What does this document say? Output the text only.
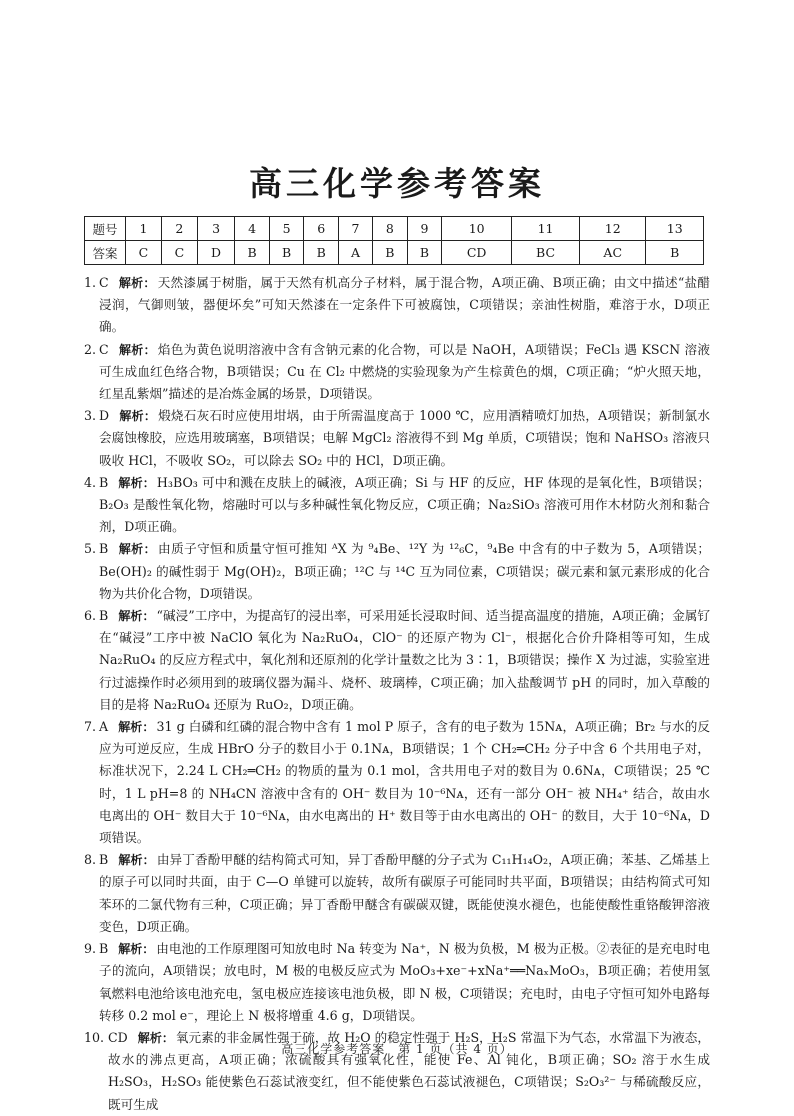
高三化学参考答案
题号	1	2	3	4	5	6	7	8	9	10	11	12	13
答案	C	C	D	B	B	B	A	B	B	CD	BC	AC	B
1. C 解析： 天然漆属于树脂，属于天然有机高分子材料，属于混合物，A项正确、B项正确；由文中描述“盐醋浸润，气御则皱，器便坏矣”可知天然漆在一定条件下可被腐蚀，C项错误；亲油性树脂，难溶于水，D项正确。
2. C 解析： 焰色为黄色说明溶液中含有含钠元素的化合物，可以是 NaOH，A项错误；FeCl₃ 遇 KSCN 溶液可生成血红色络合物，B项错误；Cu 在 Cl₂ 中燃烧的实验现象为产生棕黄色的烟，C项正确；“炉火照天地，红星乱紫烟”描述的是冶炼金属的场景，D项错误。
3. D 解析： 煅烧石灰石时应使用坩埚，由于所需温度高于 1000 ℃，应用酒精喷灯加热，A项错误；新制氯水会腐蚀橡胶，应选用玻璃塞，B项错误；电解 MgCl₂ 溶液得不到 Mg 单质，C项错误；饱和 NaHSO₃ 溶液只吸收 HCl，不吸收 SO₂，可以除去 SO₂ 中的 HCl，D项正确。
4. B 解析： H₃BO₃ 可中和溅在皮肤上的碱液，A项正确；Si 与 HF 的反应，HF 体现的是氧化性，B项错误；B₂O₃ 是酸性氧化物，熔融时可以与多种碱性氧化物反应，C项正确；Na₂SiO₃ 溶液可用作木材防火剂和黏合剂，D项正确。
5. B 解析： 由质子守恒和质量守恒可推知 ᴬX 为 ⁹₄Be、¹²Y 为 ¹²₆C，⁹₄Be 中含有的中子数为 5，A项错误；Be(OH)₂ 的碱性弱于 Mg(OH)₂，B项正确；¹²C 与 ¹⁴C 互为同位素，C项错误；碳元素和氯元素形成的化合物为共价化合物，D项错误。
6. B 解析： “碱浸”工序中，为提高钌的浸出率，可采用延长浸取时间、适当提高温度的措施，A项正确；金属钌在“碱浸”工序中被 NaClO 氧化为 Na₂RuO₄，ClO⁻ 的还原产物为 Cl⁻，根据化合价升降相等可知，生成 Na₂RuO₄ 的反应方程式中，氧化剂和还原剂的化学计量数之比为 3∶1，B项错误；操作 X 为过滤，实验室进行过滤操作时必须用到的玻璃仪器为漏斗、烧杯、玻璃棒，C项正确；加入盐酸调节 pH 的同时，加入草酸的目的是将 Na₂RuO₄ 还原为 RuO₂，D项正确。
7. A 解析： 31 g 白磷和红磷的混合物中含有 1 mol P 原子，含有的电子数为 15Nᴀ，A项正确；Br₂ 与水的反应为可逆反应，生成 HBrO 分子的数目小于 0.1Nᴀ，B项错误；1 个 CH₂═CH₂ 分子中含 6 个共用电子对，标准状况下，2.24 L CH₂═CH₂ 的物质的量为 0.1 mol，含共用电子对的数目为 0.6Nᴀ，C项错误；25 ℃时，1 L pH=8 的 NH₄CN 溶液中含有的 OH⁻ 数目为 10⁻⁶Nᴀ，还有一部分 OH⁻ 被 NH₄⁺ 结合，故由水电离出的 OH⁻ 数目大于 10⁻⁶Nᴀ，由水电离出的 H⁺ 数目等于由水电离出的 OH⁻ 的数目，大于 10⁻⁶Nᴀ，D项错误。
8. B 解析： 由异丁香酚甲醚的结构简式可知，异丁香酚甲醚的分子式为 C₁₁H₁₄O₂，A项正确；苯基、乙烯基上的原子可以同时共面，由于 C—O 单键可以旋转，故所有碳原子可能同时共平面，B项错误；由结构简式可知苯环的二氯代物有三种，C项正确；异丁香酚甲醚含有碳碳双键，既能使溴水褪色，也能使酸性重铬酸钾溶液变色，D项正确。
9. B 解析： 由电池的工作原理图可知放电时 Na 转变为 Na⁺，N 极为负极，M 极为正极。②表征的是充电时电子的流向，A项错误；放电时，M 极的电极反应式为 MoO₃+xe⁻+xNa⁺══NaₓMoO₃，B项正确；若使用氢氧燃料电池给该电池充电，氢电极应连接该电池负极，即 N 极，C项错误；充电时，由电子守恒可知外电路每转移 0.2 mol e⁻，理论上 N 极将增重 4.6 g，D项错误。
10. CD 解析： 氧元素的非金属性强于硫，故 H₂O 的稳定性强于 H₂S，H₂S 常温下为气态，水常温下为液态，故水的沸点更高，A项正确；浓硫酸具有强氧化性，能使 Fe、Al 钝化，B项正确；SO₂ 溶于水生成 H₂SO₃，H₂SO₃ 能使紫色石蕊试液变红，但不能使紫色石蕊试液褪色，C项错误；S₂O₃²⁻ 与稀硫酸反应，既可生成
高三化学参考答案　第 1 页（共 4 页）
